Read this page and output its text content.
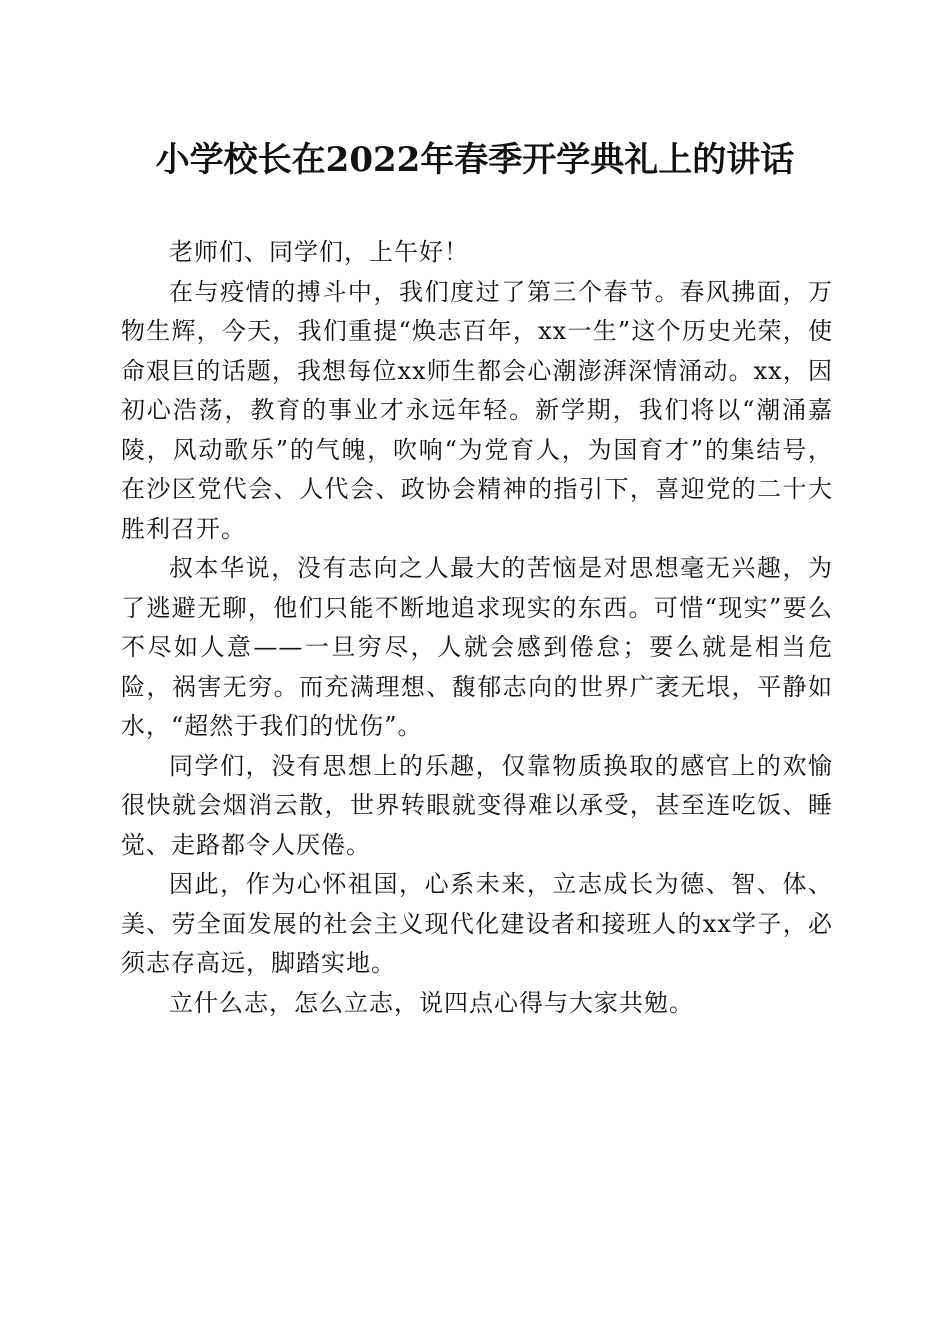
小学校长在2022年春季开学典礼上的讲话

老师们、同学们，上午好！

在与疫情的搏斗中，我们度过了第三个春节。春风拂面，万物生辉，今天，我们重提“焕志百年，xx一生”这个历史光荣，使命艰巨的话题，我想每位xx师生都会心潮澎湃深情涌动。xx，因初心浩荡，教育的事业才永远年轻。新学期，我们将以“潮涌嘉陵，风动歌乐”的气魄，吹响“为党育人，为国育才”的集结号，在沙区党代会、人代会、政协会精神的指引下，喜迎党的二十大胜利召开。

叔本华说，没有志向之人最大的苦恼是对思想毫无兴趣，为了逃避无聊，他们只能不断地追求现实的东西。可惜“现实”要么不尽如人意——一旦穷尽，人就会感到倦怠；要么就是相当危险，祸害无穷。而充满理想、馥郁志向的世界广袤无垠，平静如水，“超然于我们的忧伤”。

同学们，没有思想上的乐趣，仅靠物质换取的感官上的欢愉很快就会烟消云散，世界转眼就变得难以承受，甚至连吃饭、睡觉、走路都令人厌倦。

因此，作为心怀祖国，心系未来，立志成长为德、智、体、美、劳全面发展的社会主义现代化建设者和接班人的xx学子，必须志存高远，脚踏实地。

立什么志，怎么立志，说四点心得与大家共勉。
